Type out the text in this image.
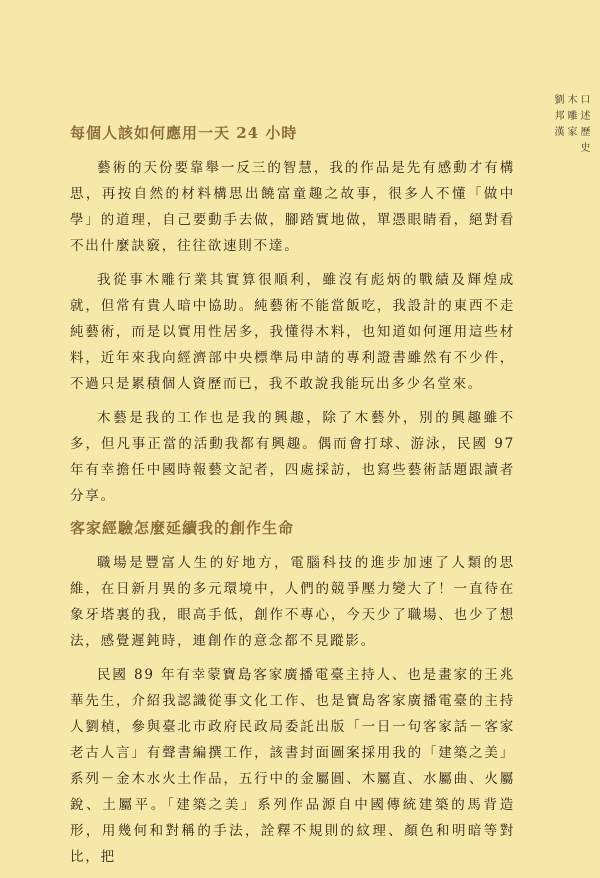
口述歷史
木雕家
劉邦漢
每個人該如何應用一天 24 小時

藝術的天份要靠舉一反三的智慧，我的作品是先有感動才有構思，再按自然的材料構思出饒富童趣之故事，很多人不懂「做中學」的道理，自己要動手去做，腳踏實地做，單憑眼睛看，絕對看不出什麼訣竅，往往欲速則不達。

我從事木雕行業其實算很順利，雖沒有彪炳的戰績及輝煌成就，但常有貴人暗中協助。純藝術不能當飯吃，我設計的東西不走純藝術，而是以實用性居多，我懂得木料，也知道如何運用這些材料，近年來我向經濟部中央標準局申請的專利證書雖然有不少件，不過只是累積個人資歷而已，我不敢說我能玩出多少名堂來。

木藝是我的工作也是我的興趣，除了木藝外，別的興趣雖不多，但凡事正當的活動我都有興趣。偶而會打球、游泳，民國 97 年有幸擔任中國時報藝文記者，四處採訪，也寫些藝術話題跟讀者分享。

客家經驗怎麼延續我的創作生命

職場是豐富人生的好地方，電腦科技的進步加速了人類的思維，在日新月異的多元環境中，人們的競爭壓力變大了！一直待在象牙塔裏的我，眼高手低，創作不專心，今天少了職場、也少了想法，感覺遲鈍時，連創作的意念都不見蹤影。

民國 89 年有幸蒙寶島客家廣播電臺主持人、也是畫家的王兆華先生，介紹我認識從事文化工作、也是寶島客家廣播電臺的主持人劉楨，參與臺北市政府民政局委託出版「一日一句客家話－客家老古人言」有聲書編撰工作，該書封面圖案採用我的「建築之美」系列－金木水火土作品，五行中的金屬圓、木屬直、水屬曲、火屬銳、土屬平。「建築之美」系列作品源自中國傳統建築的馬背造形，用幾何和對稱的手法，詮釋不規則的紋理、顏色和明暗等對比，把
